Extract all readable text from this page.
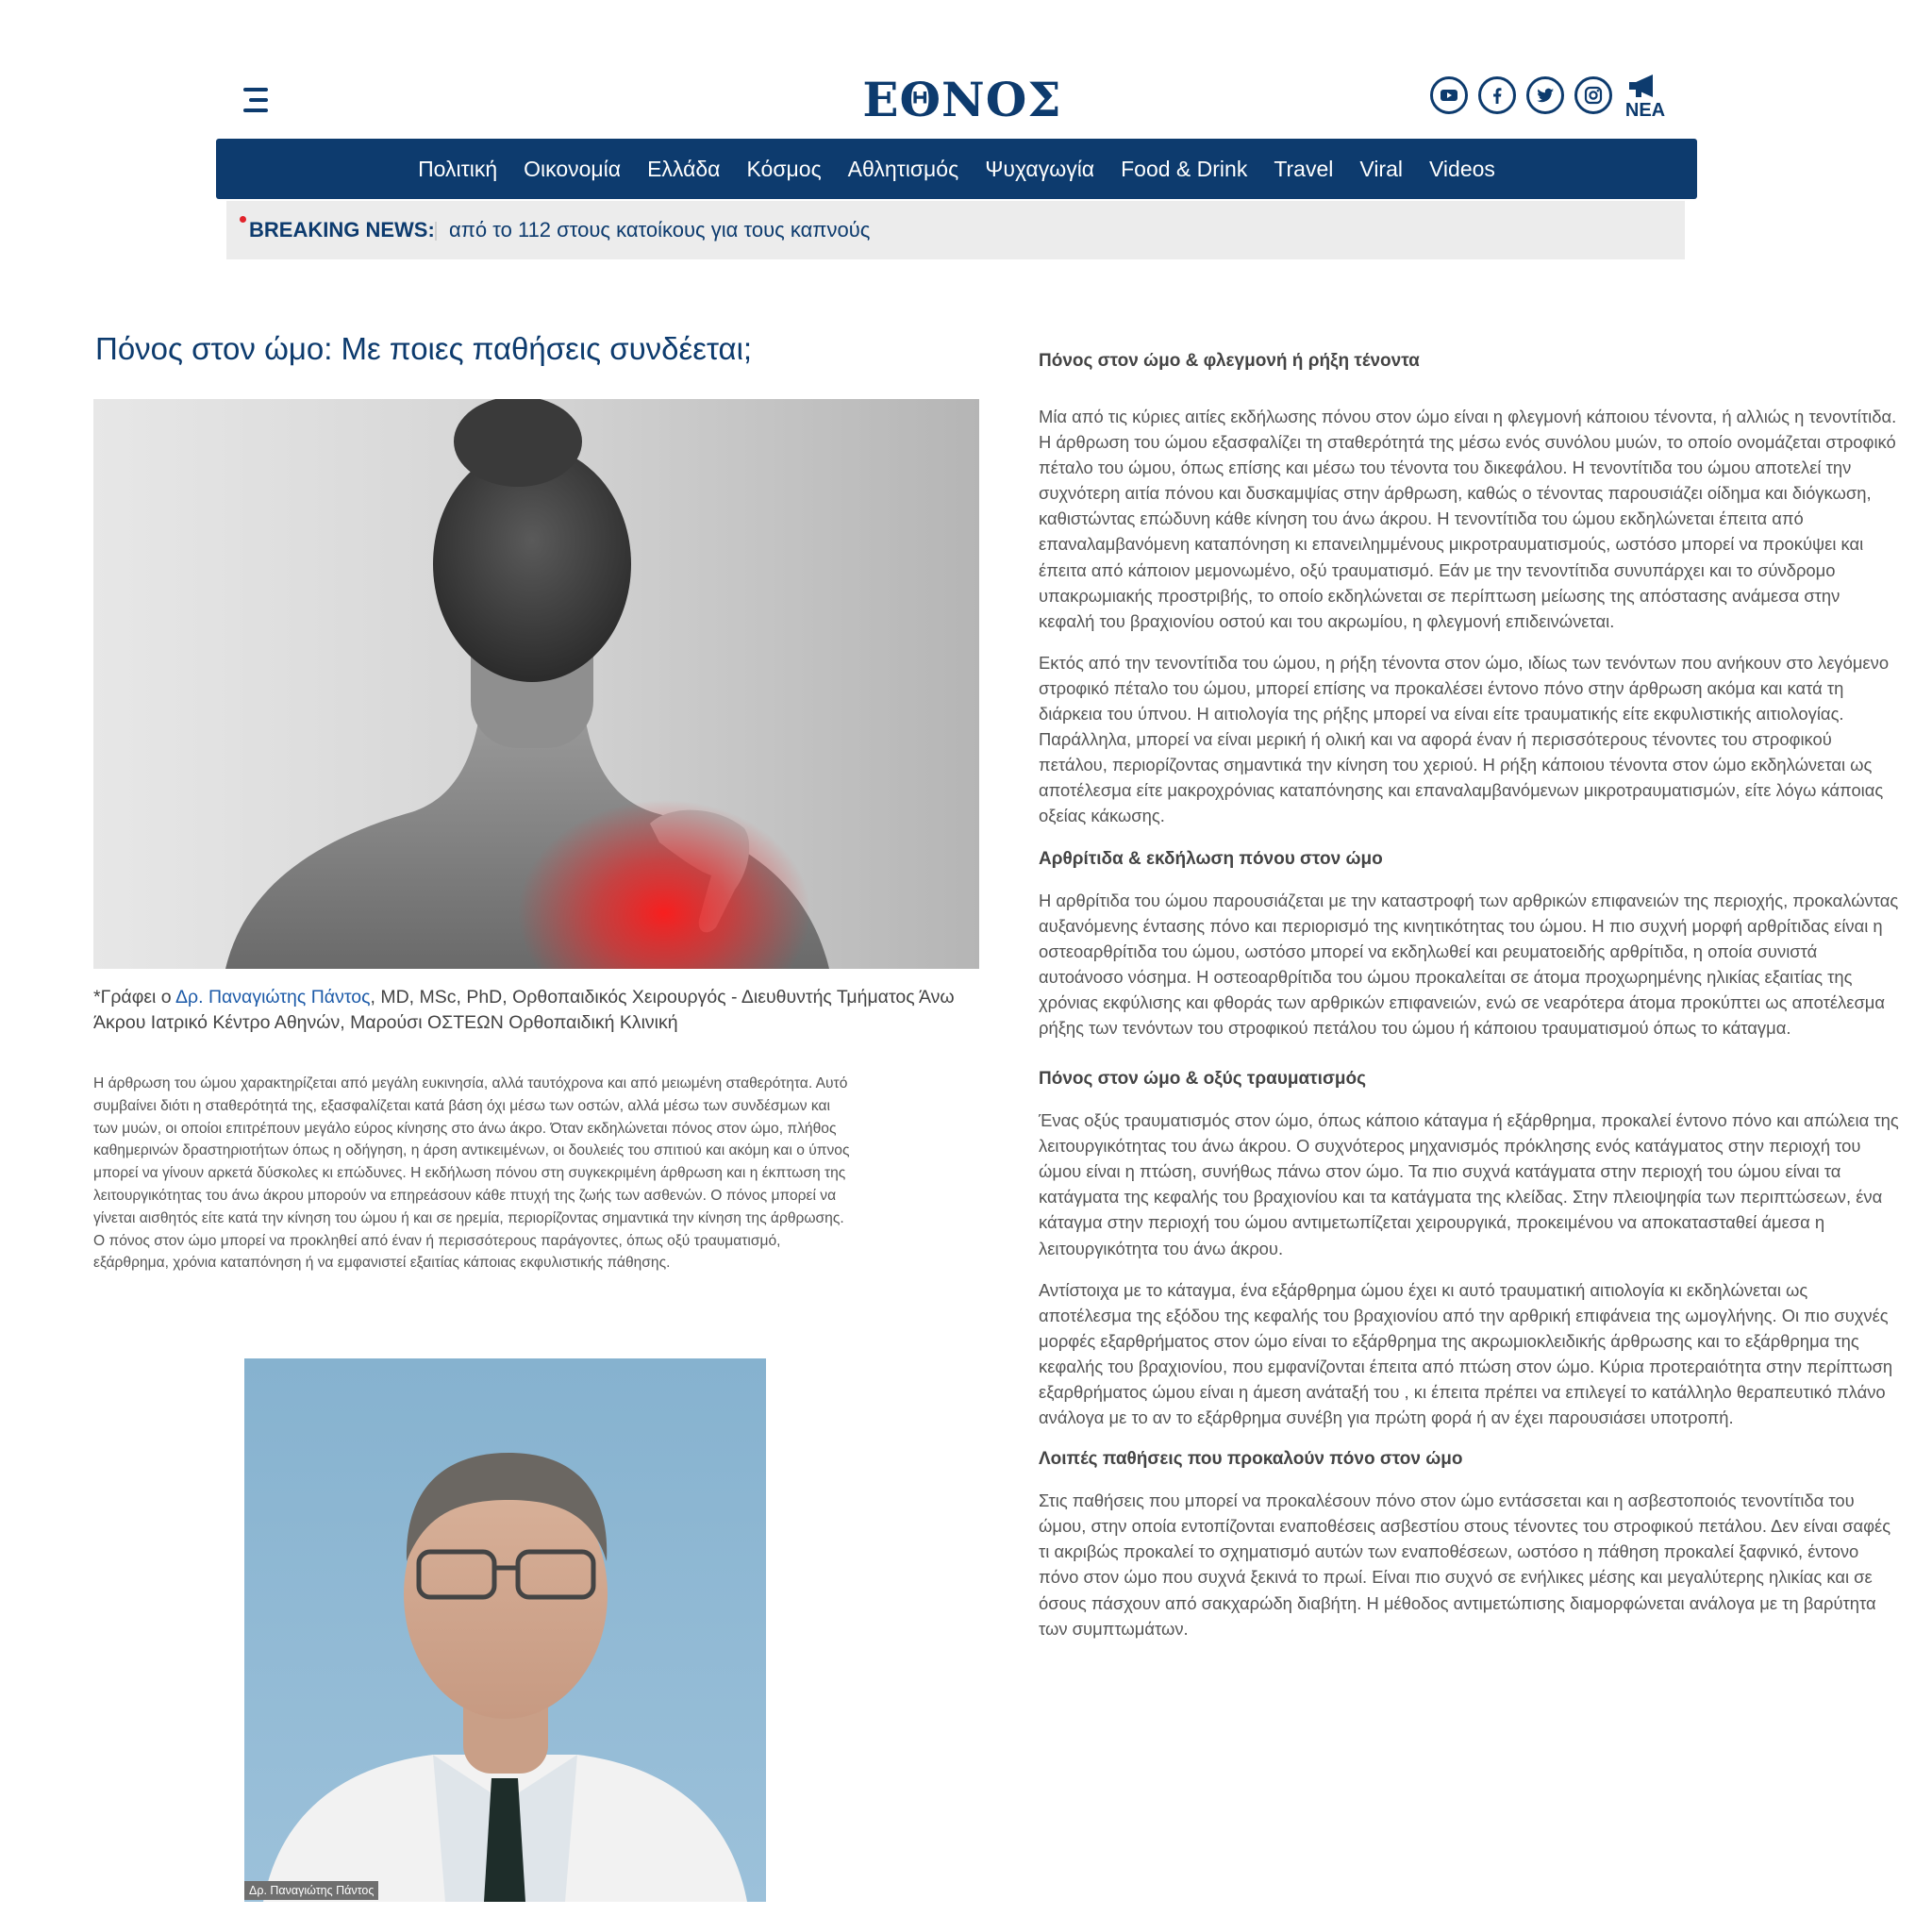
ΕΘΝΟΣ	ΝΕΑ
Πολιτική	Οικονομία	Ελλάδα	Κόσμος	Αθλητισμός	Ψυχαγωγία	Food & Drink	Travel	Viral	Videos
BREAKING NEWS: από το 112 στους κατοίκους για τους καπνούς
Πόνος στον ώμο: Με ποιες παθήσεις συνδέεται;
*Γράφει ο Δρ. Παναγιώτης Πάντος, MD, MSc, PhD, Ορθοπαιδικός Χειρουργός - Διευθυντής Τμήματος Άνω Άκρου Ιατρικό Κέντρο Αθηνών, Μαρούσι ΟΣΤΕΩΝ Ορθοπαιδική Κλινική

Η άρθρωση του ώμου χαρακτηρίζεται από μεγάλη ευκινησία, αλλά ταυτόχρονα και από μειωμένη σταθερότητα. Αυτό συμβαίνει διότι η σταθερότητά της, εξασφαλίζεται κατά βάση όχι μέσω των οστών, αλλά μέσω των συνδέσμων και των μυών, οι οποίοι επιτρέπουν μεγάλο εύρος κίνησης στο άνω άκρο. Όταν εκδηλώνεται πόνος στον ώμο, πλήθος καθημερινών δραστηριοτήτων όπως η οδήγηση, η άρση αντικειμένων, οι δουλειές του σπιτιού και ακόμη και ο ύπνος μπορεί να γίνουν αρκετά δύσκολες κι επώδυνες. Η εκδήλωση πόνου στη συγκεκριμένη άρθρωση και η έκπτωση της λειτουργικότητας του άνω άκρου μπορούν να επηρεάσουν κάθε πτυχή της ζωής των ασθενών. Ο πόνος μπορεί να γίνεται αισθητός είτε κατά την κίνηση του ώμου ή και σε ηρεμία, περιορίζοντας σημαντικά την κίνηση της άρθρωσης. Ο πόνος στον ώμο μπορεί να προκληθεί από έναν ή περισσότερους παράγοντες, όπως οξύ τραυματισμό, εξάρθρημα, χρόνια καταπόνηση ή να εμφανιστεί εξαιτίας κάποιας εκφυλιστικής πάθησης.

Δρ. Παναγιώτης Πάντος
Πόνος στον ώμο & φλεγμονή ή ρήξη τένοντα

Μία από τις κύριες αιτίες εκδήλωσης πόνου στον ώμο είναι η φλεγμονή κάποιου τένοντα, ή αλλιώς η τενοντίτιδα. Η άρθρωση του ώμου εξασφαλίζει τη σταθερότητά της μέσω ενός συνόλου μυών, το οποίο ονομάζεται στροφικό πέταλο του ώμου, όπως επίσης και μέσω του τένοντα του δικεφάλου. Η τενοντίτιδα του ώμου αποτελεί την συχνότερη αιτία πόνου και δυσκαμψίας στην άρθρωση, καθώς ο τένοντας παρουσιάζει οίδημα και διόγκωση, καθιστώντας επώδυνη κάθε κίνηση του άνω άκρου. Η τενοντίτιδα του ώμου εκδηλώνεται έπειτα από επαναλαμβανόμενη καταπόνηση κι επανειλημμένους μικροτραυματισμούς, ωστόσο μπορεί να προκύψει και έπειτα από κάποιον μεμονωμένο, οξύ τραυματισμό. Εάν με την τενοντίτιδα συνυπάρχει και το σύνδρομο υπακρωμιακής προστριβής, το οποίο εκδηλώνεται σε περίπτωση μείωσης της απόστασης ανάμεσα στην κεφαλή του βραχιονίου οστού και του ακρωμίου, η φλεγμονή επιδεινώνεται.

Εκτός από την τενοντίτιδα του ώμου, η ρήξη τένοντα στον ώμο, ιδίως των τενόντων που ανήκουν στο λεγόμενο στροφικό πέταλο του ώμου, μπορεί επίσης να προκαλέσει έντονο πόνο στην άρθρωση ακόμα και κατά τη διάρκεια του ύπνου. Η αιτιολογία της ρήξης μπορεί να είναι είτε τραυματικής είτε εκφυλιστικής αιτιολογίας. Παράλληλα, μπορεί να είναι μερική ή ολική και να αφορά έναν ή περισσότερους τένοντες του στροφικού πετάλου, περιορίζοντας σημαντικά την κίνηση του χεριού. Η ρήξη κάποιου τένοντα στον ώμο εκδηλώνεται ως αποτέλεσμα είτε μακροχρόνιας καταπόνησης και επαναλαμβανόμενων μικροτραυματισμών, είτε λόγω κάποιας οξείας κάκωσης.

Αρθρίτιδα & εκδήλωση πόνου στον ώμο

Η αρθρίτιδα του ώμου παρουσιάζεται με την καταστροφή των αρθρικών επιφανειών της περιοχής, προκαλώντας αυξανόμενης έντασης πόνο και περιορισμό της κινητικότητας του ώμου. Η πιο συχνή μορφή αρθρίτιδας είναι η οστεοαρθρίτιδα του ώμου, ωστόσο μπορεί να εκδηλωθεί και ρευματοειδής αρθρίτιδα, η οποία συνιστά αυτοάνοσο νόσημα. Η οστεοαρθρίτιδα του ώμου προκαλείται σε άτομα προχωρημένης ηλικίας εξαιτίας της χρόνιας εκφύλισης και φθοράς των αρθρικών επιφανειών, ενώ σε νεαρότερα άτομα προκύπτει ως αποτέλεσμα ρήξης των τενόντων του στροφικού πετάλου του ώμου ή κάποιου τραυματισμού όπως το κάταγμα.

Πόνος στον ώμο & οξύς τραυματισμός

Ένας οξύς τραυματισμός στον ώμο, όπως κάποιο κάταγμα ή εξάρθρημα, προκαλεί έντονο πόνο και απώλεια της λειτουργικότητας του άνω άκρου. Ο συχνότερος μηχανισμός πρόκλησης ενός κατάγματος στην περιοχή του ώμου είναι η πτώση, συνήθως πάνω στον ώμο. Τα πιο συχνά κατάγματα στην περιοχή του ώμου είναι τα κατάγματα της κεφαλής του βραχιονίου και τα κατάγματα της κλείδας. Στην πλειοψηφία των περιπτώσεων, ένα κάταγμα στην περιοχή του ώμου αντιμετωπίζεται χειρουργικά, προκειμένου να αποκατασταθεί άμεσα η λειτουργικότητα του άνω άκρου.

Αντίστοιχα με το κάταγμα, ένα εξάρθρημα ώμου έχει κι αυτό τραυματική αιτιολογία κι εκδηλώνεται ως αποτέλεσμα της εξόδου της κεφαλής του βραχιονίου από την αρθρική επιφάνεια της ωμογλήνης. Οι πιο συχνές μορφές εξαρθρήματος στον ώμο είναι το εξάρθρημα της ακρωμιοκλειδικής άρθρωσης και το εξάρθρημα της κεφαλής του βραχιονίου, που εμφανίζονται έπειτα από πτώση στον ώμο. Κύρια προτεραιότητα στην περίπτωση εξαρθρήματος ώμου είναι η άμεση ανάταξή του , κι έπειτα πρέπει να επιλεγεί το κατάλληλο θεραπευτικό πλάνο ανάλογα με το αν το εξάρθρημα συνέβη για πρώτη φορά ή αν έχει παρουσιάσει υποτροπή.

Λοιπές παθήσεις που προκαλούν πόνο στον ώμο

Στις παθήσεις που μπορεί να προκαλέσουν πόνο στον ώμο εντάσσεται και η ασβεστοποιός τενοντίτιδα του ώμου, στην οποία εντοπίζονται εναποθέσεις ασβεστίου στους τένοντες του στροφικού πετάλου. Δεν είναι σαφές τι ακριβώς προκαλεί το σχηματισμό αυτών των εναποθέσεων, ωστόσο η πάθηση προκαλεί ξαφνικό, έντονο πόνο στον ώμο που συχνά ξεκινά το πρωί. Είναι πιο συχνό σε ενήλικες μέσης και μεγαλύτερης ηλικίας και σε όσους πάσχουν από σακχαρώδη διαβήτη. Η μέθοδος αντιμετώπισης διαμορφώνεται ανάλογα με τη βαρύτητα των συμπτωμάτων.
